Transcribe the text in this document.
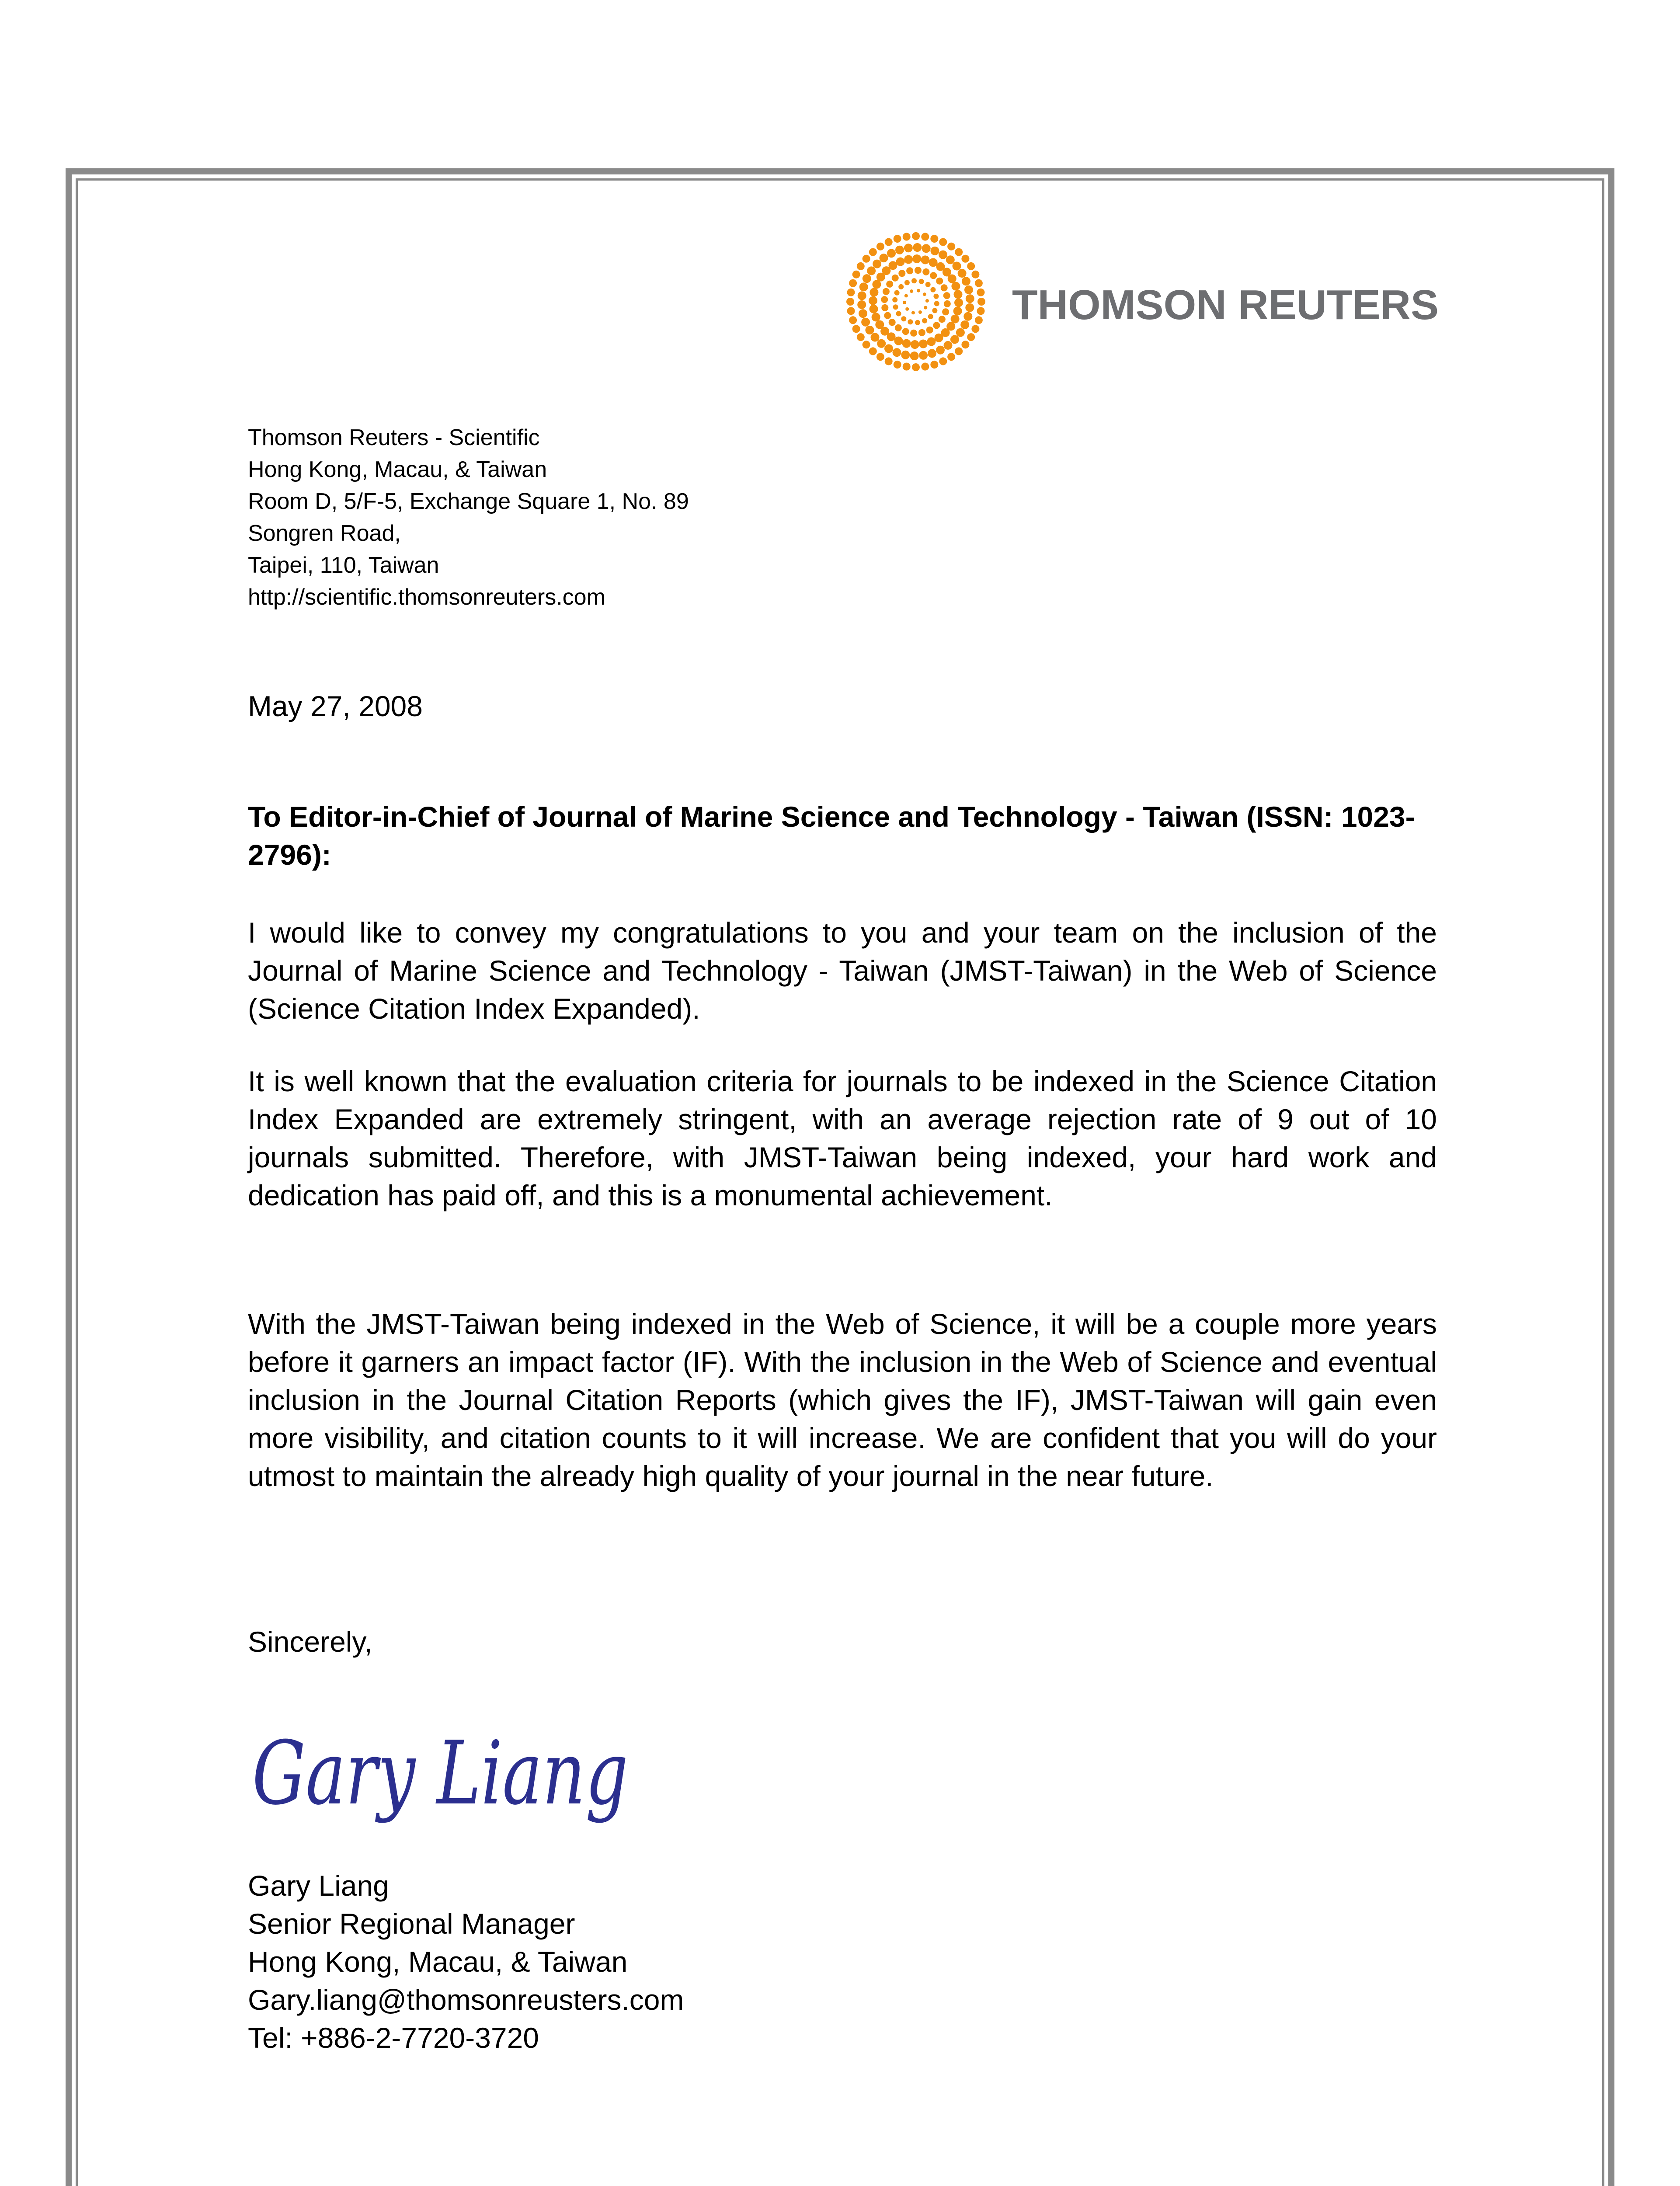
THOMSON REUTERS
Thomson Reuters - Scientific
Hong Kong, Macau, & Taiwan
Room D, 5/F-5, Exchange Square 1, No. 89
Songren Road,
Taipei, 110, Taiwan
http://scientific.thomsonreuters.com
May 27, 2008
To Editor-in-Chief of Journal of Marine Science and Technology - Taiwan (ISSN: 1023-2796):
I would like to convey my congratulations to you and your team on the inclusion of the Journal of Marine Science and Technology - Taiwan (JMST-Taiwan) in the Web of Science (Science Citation Index Expanded).
It is well known that the evaluation criteria for journals to be indexed in the Science Citation Index Expanded are extremely stringent, with an average rejection rate of 9 out of 10 journals submitted. Therefore, with JMST-Taiwan being indexed, your hard work and dedication has paid off, and this is a monumental achievement.
With the JMST-Taiwan being indexed in the Web of Science, it will be a couple more years before it garners an impact factor (IF). With the inclusion in the Web of Science and eventual inclusion in the Journal Citation Reports (which gives the IF), JMST-Taiwan will gain even more visibility, and citation counts to it will increase. We are confident that you will do your utmost to maintain the already high quality of your journal in the near future.
Sincerely,
Gary Liang
Gary Liang
Senior Regional Manager
Hong Kong, Macau, & Taiwan
Gary.liang@thomsonreusters.com
Tel: +886-2-7720-3720
